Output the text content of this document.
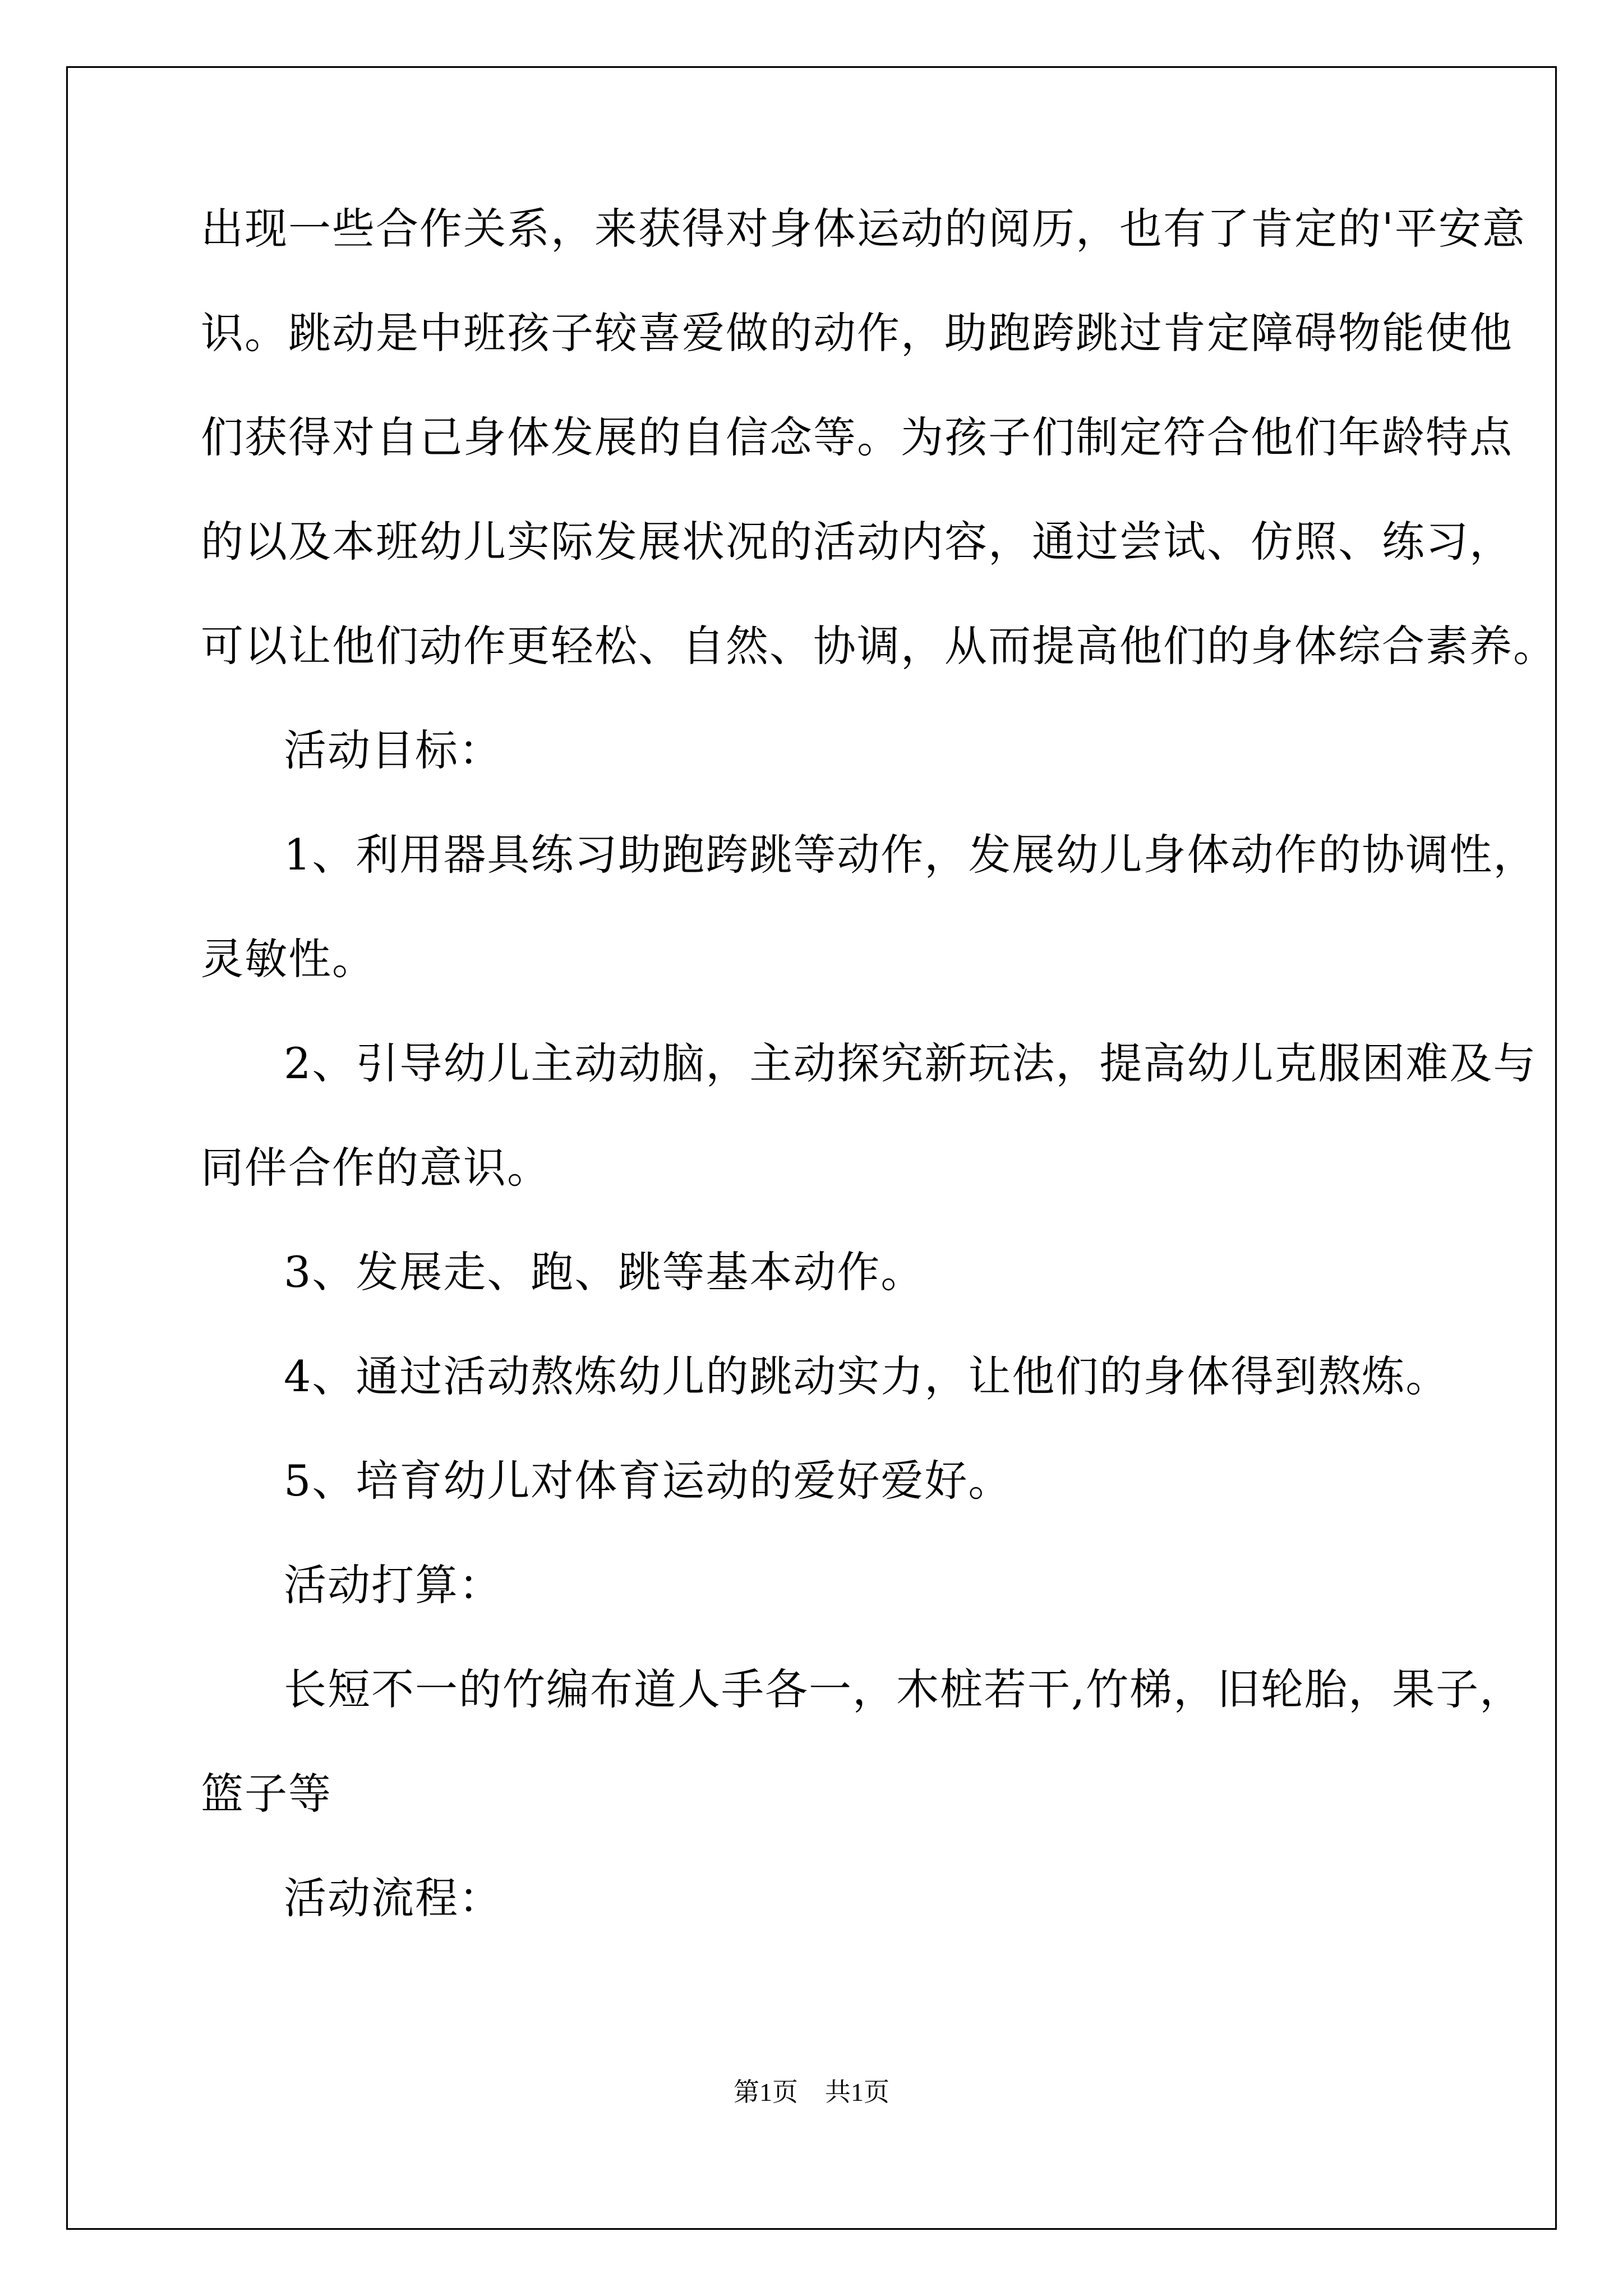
出现一些合作关系，来获得对身体运动的阅历，也有了肯定的'平安意
识。跳动是中班孩子较喜爱做的动作，助跑跨跳过肯定障碍物能使他
们获得对自己身体发展的自信念等。为孩子们制定符合他们年龄特点
的以及本班幼儿实际发展状况的活动内容，通过尝试、仿照、练习，
可以让他们动作更轻松、自然、协调，从而提高他们的身体综合素养。
活动目标：
1、利用器具练习助跑跨跳等动作，发展幼儿身体动作的协调性，
灵敏性。
2、引导幼儿主动动脑，主动探究新玩法，提高幼儿克服困难及与
同伴合作的意识。
3、发展走、跑、跳等基本动作。
4、通过活动熬炼幼儿的跳动实力，让他们的身体得到熬炼。
5、培育幼儿对体育运动的爱好爱好。
活动打算：
长短不一的竹编布道人手各一，木桩若干,竹梯，旧轮胎，果子，
篮子等
活动流程：
第1页 共1页
